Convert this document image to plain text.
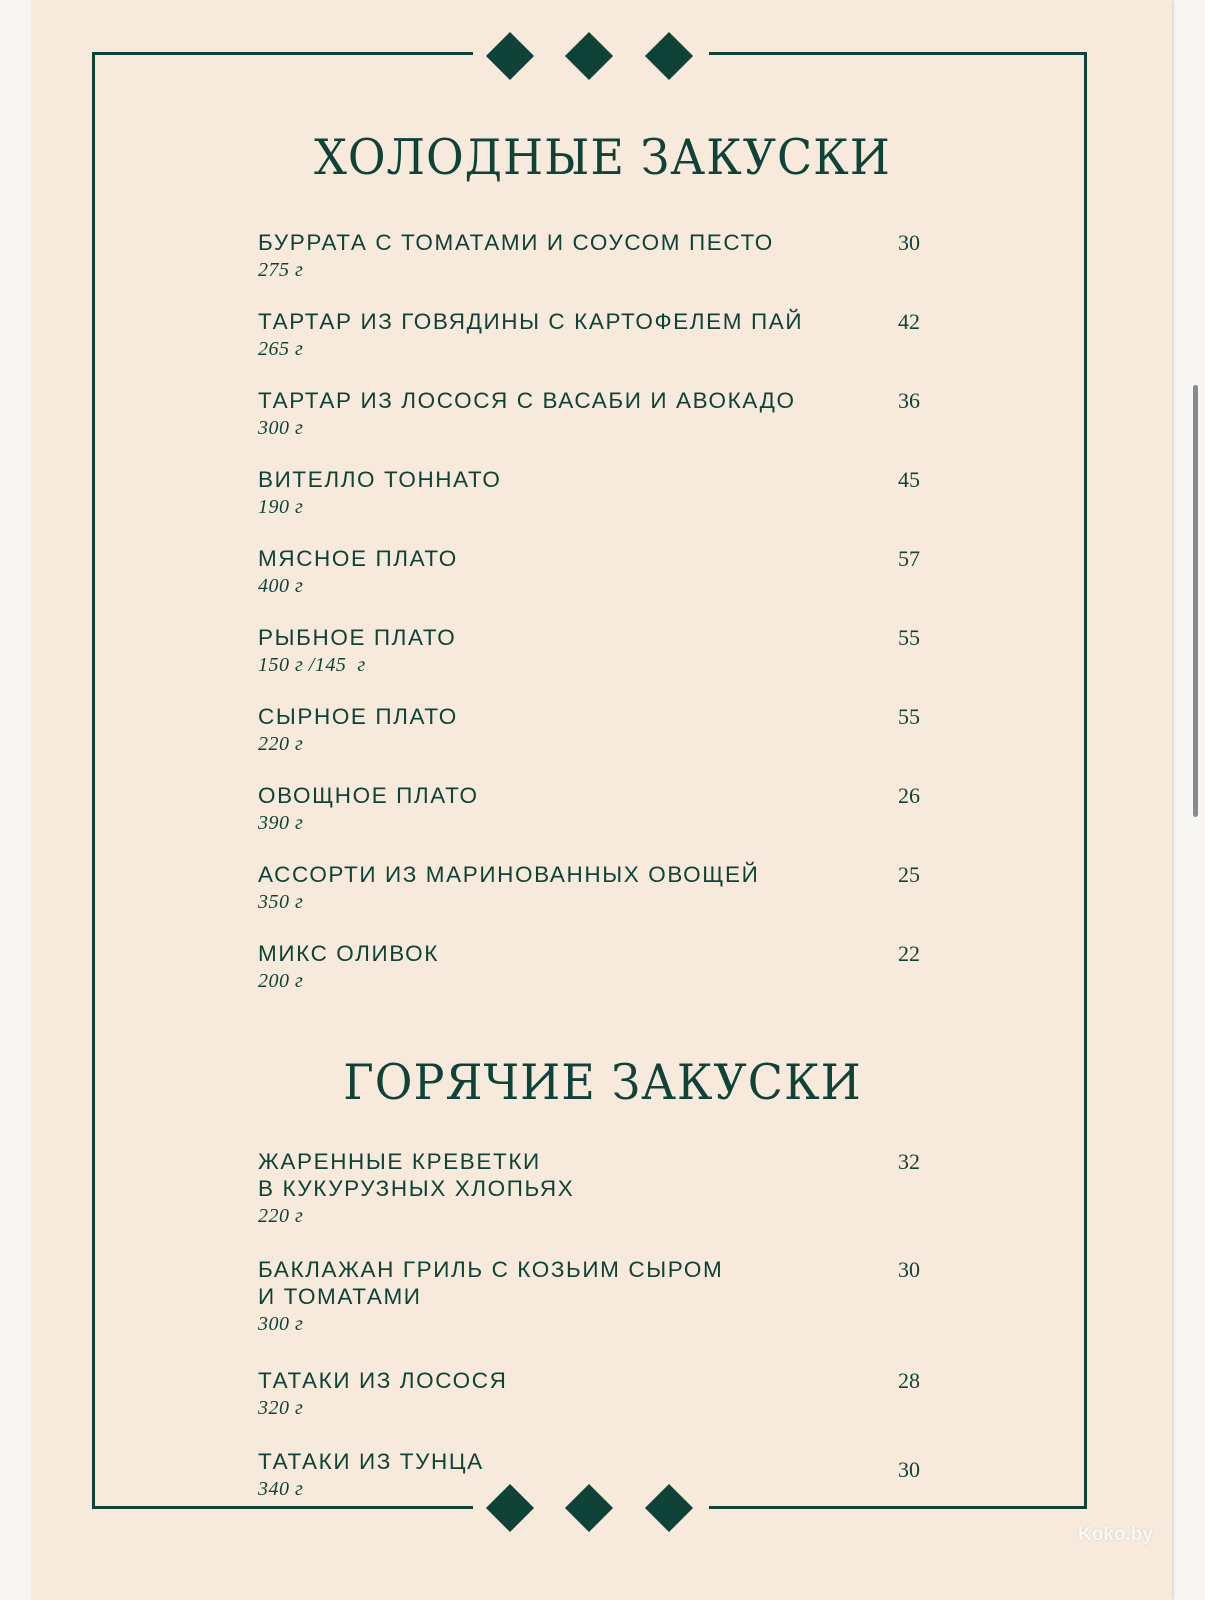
ХОЛОДНЫЕ ЗАКУСКИ
БУРРАТА С ТОМАТАМИ И СОУСОМ ПЕСТО
275 г
30
ТАРТАР ИЗ ГОВЯДИНЫ С КАРТОФЕЛЕМ ПАЙ
265 г
42
ТАРТАР ИЗ ЛОСОСЯ С ВАСАБИ И АВОКАДО
300 г
36
ВИТЕЛЛО ТОННАТО
190 г
45
МЯСНОЕ ПЛАТО
400 г
57
РЫБНОЕ ПЛАТО
150 г /145  г
55
СЫРНОЕ ПЛАТО
220 г
55
ОВОЩНОЕ ПЛАТО
390 г
26
АССОРТИ ИЗ МАРИНОВАННЫХ ОВОЩЕЙ
350 г
25
МИКС ОЛИВОК
200 г
22
ГОРЯЧИЕ ЗАКУСКИ
ЖАРЕННЫЕ КРЕВЕТКИ
В КУКУРУЗНЫХ ХЛОПЬЯХ
220 г
32
БАКЛАЖАН ГРИЛЬ С КОЗЬИМ СЫРОМ
И ТОМАТАМИ
300 г
30
ТАТАКИ ИЗ ЛОСОСЯ
320 г
28
ТАТАКИ ИЗ ТУНЦА
340 г
30
Koko.by
